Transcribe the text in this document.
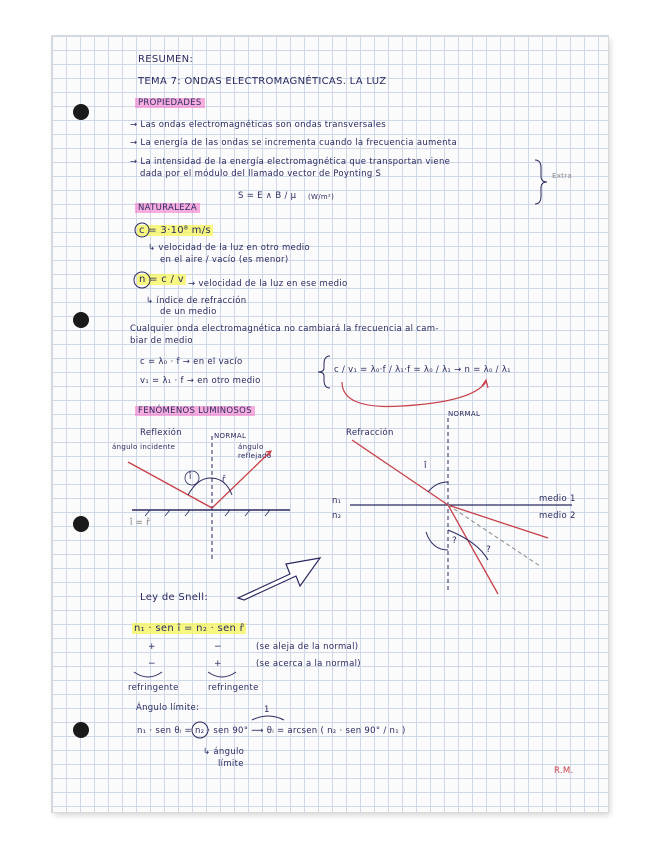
RESUMEN:
TEMA 7: ONDAS ELECTROMAGNÉTICAS. LA LUZ
PROPIEDADES
→ Las ondas electromagnéticas son ondas transversales
→ La energía de las ondas se incrementa cuando la frecuencia aumenta
→ La intensidad de la energía electromagnética que transportan viene
dada por el módulo del llamado vector de Poynting S
S = E ∧ B / μ (W/m²)
Extra
NATURALEZA
c = 3·10⁸ m/s
↳ velocidad de la luz en otro medio
en el aire / vacío (es menor)
n = c / v → velocidad de la luz en ese medio
↳ índice de refracción
de un medio
Cualquier onda electromagnética no cambiará la frecuencia al cam-
biar de medio
c = λ₀ · f → en el vacío
v₁ = λ₁ · f → en otro medio
c / v₁ = λ₀·f / λ₁·f = λ₀ / λ₁ → n = λ₀ / λ₁
FENÓMENOS LUMINOSOS
Reflexión
ángulo incidente
NORMAL
ángulo
reflejado
î	r̂
î = r̂
Refracción
NORMAL
n₁
n₂
medio 1
medio 2
Ley de Snell:
n₁ · sen î = n₂ · sen r̂
(se aleja de la normal)
(se acerca a la normal)
refringente	refringente
Ángulo límite:	1
n₁ · sen θₗ = n₂ · sen 90° ⟿ θₗ = arcsen ( n₂ · sen 90° / n₁ )
↳ ángulo
límite
R.M.
î
?
?
+
−
−
+
